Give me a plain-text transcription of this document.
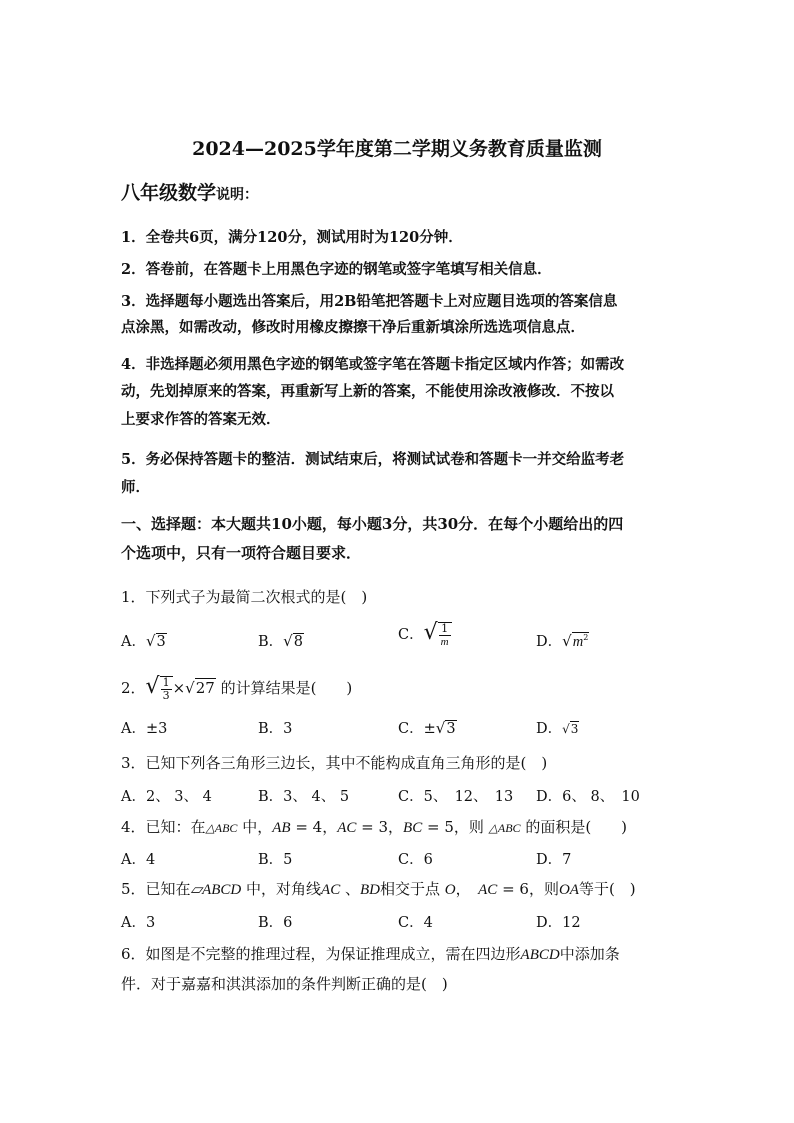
2024—2025学年度第二学期义务教育质量监测
八年级数学说明：
1．全卷共6页，满分120分，测试用时为120分钟．
2．答卷前，在答题卡上用黑色字迹的钢笔或签字笔填写相关信息．
3．选择题每小题选出答案后，用2B铅笔把答题卡上对应题目选项的答案信息
点涂黑，如需改动，修改时用橡皮擦擦干净后重新填涂所选选项信息点．
4．非选择题必须用黑色字迹的钢笔或签字笔在答题卡指定区域内作答；如需改
动，先划掉原来的答案，再重新写上新的答案，不能使用涂改液修改．不按以
上要求作答的答案无效．
5．务必保持答题卡的整洁．测试结束后，将测试试卷和答题卡一并交给监考老
师．
一、选择题：本大题共10小题，每小题3分，共30分．在每个小题给出的四
个选项中，只有一项符合题目要求．
1．下列式子为最简二次根式的是(　)
A．√3	B．√8	C．√ $\frac{1}{m}$	D．$√m^2$
2．√ $\frac{1}{3} \times√27$ 的计算结果是(　　)
A．±3	B．3	C．±√3	D．√3
3．已知下列各三角形三边长，其中不能构成直角三角形的是(　)
A．2、 3、 4	B．3、 4、 5	C．5、　12、　13 D．6、 8、　10
4．已知：在△ABC 中，AB = 4，AC = 3，BC = 5，则 △ABC 的面积是(　　)
A．4	B．5	C．6	D．7
5．已知在▱ABCD 中，对角线AC 、BD相交于点 O，　AC = 6，则OA等于(　)
A．3	B．6	C．4	D．12
6．如图是不完整的推理过程，为保证推理成立，需在四边形ABCD中添加条
件．对于嘉嘉和淇淇添加的条件判断正确的是(　)
